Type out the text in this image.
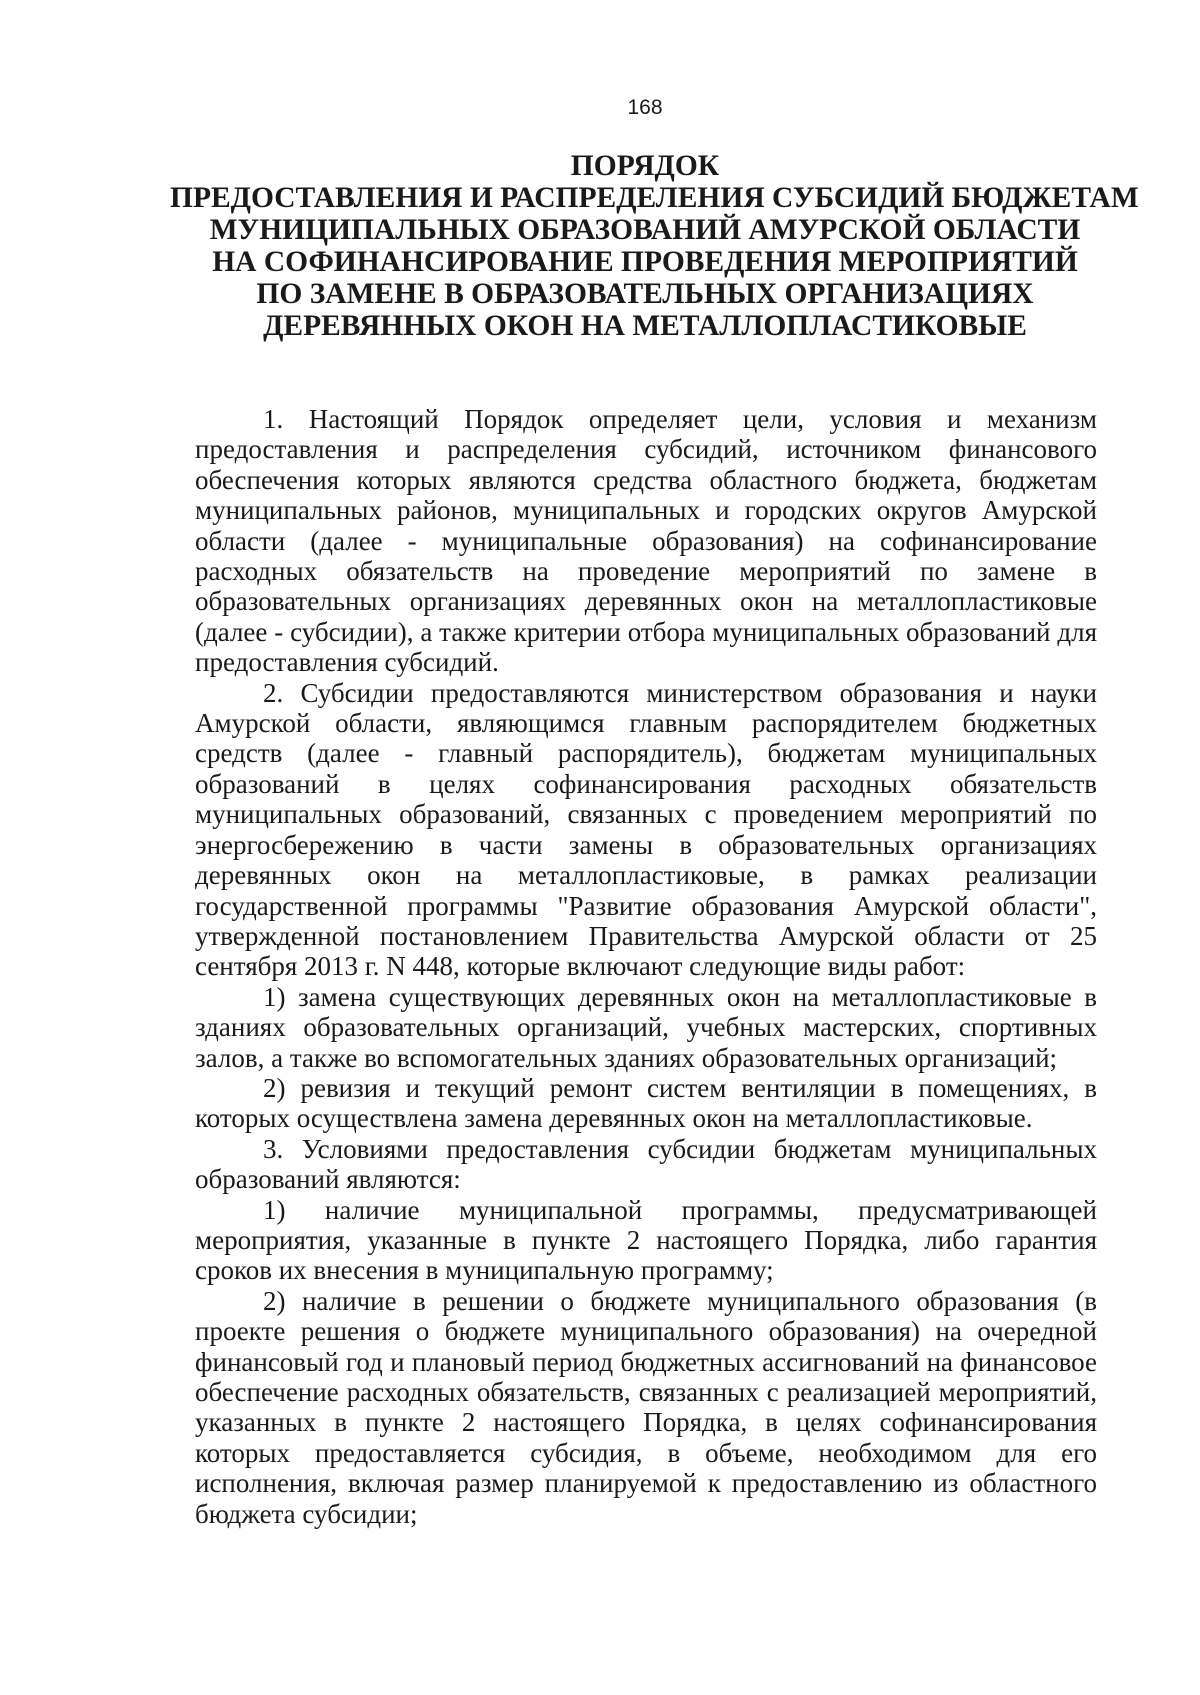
168
ПОРЯДОК
ПРЕДОСТАВЛЕНИЯ И РАСПРЕДЕЛЕНИЯ СУБСИДИЙ БЮДЖЕТАМ
МУНИЦИПАЛЬНЫХ ОБРАЗОВАНИЙ АМУРСКОЙ ОБЛАСТИ
НА СОФИНАНСИРОВАНИЕ ПРОВЕДЕНИЯ МЕРОПРИЯТИЙ
ПО ЗАМЕНЕ В ОБРАЗОВАТЕЛЬНЫХ ОРГАНИЗАЦИЯХ
ДЕРЕВЯННЫХ ОКОН НА МЕТАЛЛОПЛАСТИКОВЫЕ

1. Настоящий Порядок определяет цели, условия и механизм предоставления и распределения субсидий, источником финансового обеспечения которых являются средства областного бюджета, бюджетам муниципальных районов, муниципальных и городских округов Амурской области (далее - муниципальные образования) на софинансирование расходных обязательств на проведение мероприятий по замене в образовательных организациях деревянных окон на металлопластиковые (далее - субсидии), а также критерии отбора муниципальных образований для предоставления субсидий.

2. Субсидии предоставляются министерством образования и науки Амурской области, являющимся главным распорядителем бюджетных средств (далее - главный распорядитель), бюджетам муниципальных образований в целях софинансирования расходных обязательств муниципальных образований, связанных с проведением мероприятий по энергосбережению в части замены в образовательных организациях деревянных окон на металлопластиковые, в рамках реализации государственной программы "Развитие образования Амурской области", утвержденной постановлением Правительства Амурской области от 25 сентября 2013 г. N 448, которые включают следующие виды работ:

1) замена существующих деревянных окон на металлопластиковые в зданиях образовательных организаций, учебных мастерских, спортивных залов, а также во вспомогательных зданиях образовательных организаций;

2) ревизия и текущий ремонт систем вентиляции в помещениях, в которых осуществлена замена деревянных окон на металлопластиковые.

3. Условиями предоставления субсидии бюджетам муниципальных образований являются:

1) наличие муниципальной программы, предусматривающей мероприятия, указанные в пункте 2 настоящего Порядка, либо гарантия сроков их внесения в муниципальную программу;

2) наличие в решении о бюджете муниципального образования (в проекте решения о бюджете муниципального образования) на очередной финансовый год и плановый период бюджетных ассигнований на финансовое обеспечение расходных обязательств, связанных с реализацией мероприятий, указанных в пункте 2 настоящего Порядка, в целях софинансирования которых предоставляется субсидия, в объеме, необходимом для его исполнения, включая размер планируемой к предоставлению из областного бюджета субсидии;
